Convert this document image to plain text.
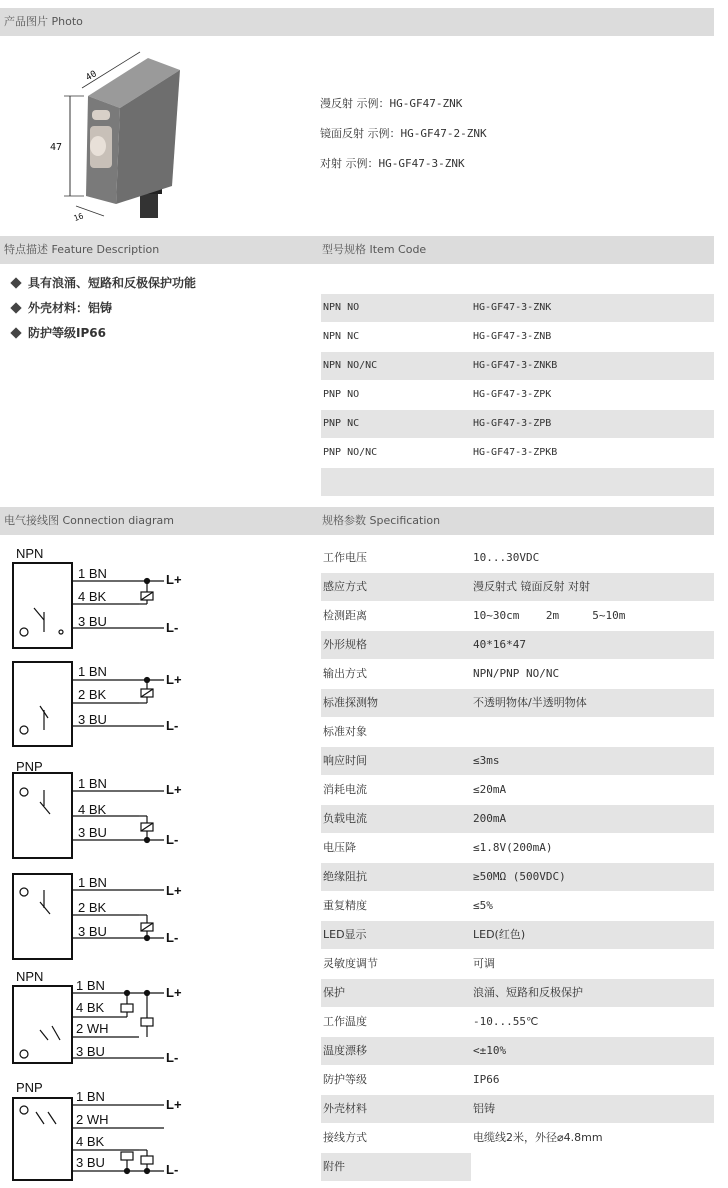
产品图片 Photo
47
40
16
漫反射 示例：HG-GF47-ZNK
镜面反射 示例：HG-GF47-2-ZNK
对射 示例：HG-GF47-3-ZNK
特点描述 Feature Description	型号规格 Item Code
具有浪涌、短路和反极保护功能
外壳材料：铝铸
防护等级IP66
NPN NO	HG-GF47-3-ZNK
NPN NC	HG-GF47-3-ZNB
NPN NO/NC	HG-GF47-3-ZNKB
PNP NO	HG-GF47-3-ZPK
PNP NC	HG-GF47-3-ZPB
PNP NO/NC	HG-GF47-3-ZPKB
电气接线图 Connection diagram	规格参数 Specification
NPN
1 BN
4 BK
3 BU
L+
L-
1 BN
2 BK
3 BU
L+
L-
PNP
1 BN
4 BK
3 BU
L+
L-
1 BN
2 BK
3 BU
L+
L-
NPN
1 BN
4 BK
2 WH
3 BU
L+
L-
PNP
1 BN
2 WH
4 BK
3 BU
L+
L-
工作电压	10...30VDC
感应方式	漫反射式 镜面反射 对射
检测距离	10~30cm    2m     5~10m
外形规格	40*16*47
输出方式	NPN/PNP NO/NC
标准探测物	不透明物体/半透明物体
标准对象
响应时间	≤3ms
消耗电流	≤20mA
负载电流	200mA
电压降	≤1.8V(200mA)
绝缘阻抗	≥50MΩ (500VDC)
重复精度	≤5%
LED显示	LED(红色)
灵敏度调节	可调
保护	浪涌、短路和反极保护
工作温度	-10...55℃
温度漂移	<±10%
防护等级	IP66
外壳材料	铝铸
接线方式	电缆线2米，外径⌀4.8mm
附件
